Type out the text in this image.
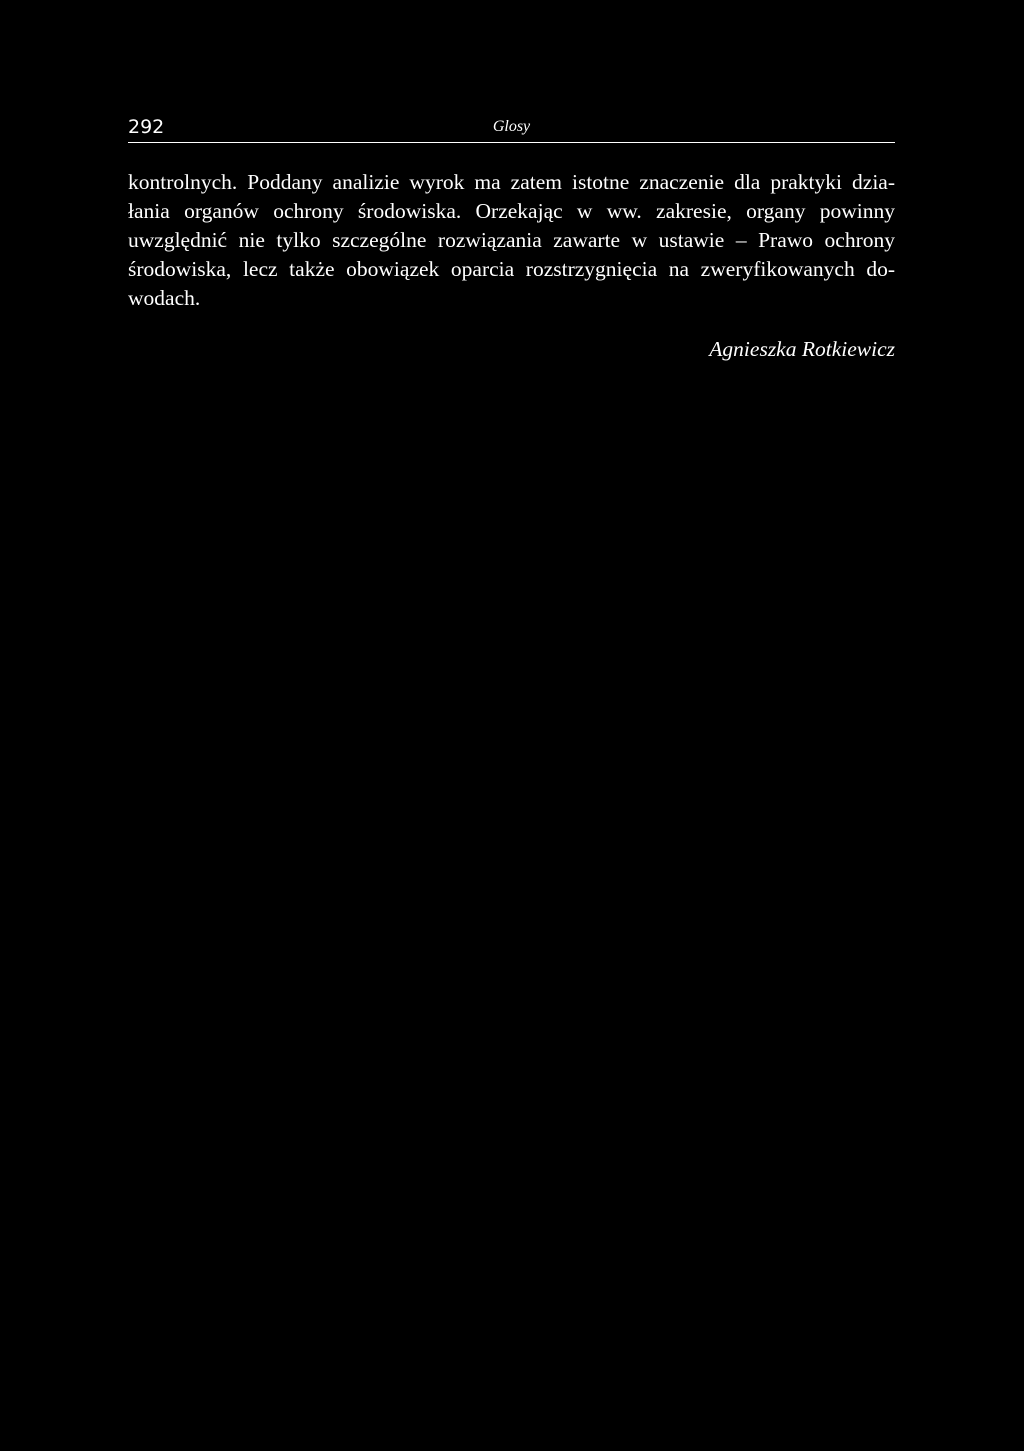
292	Glosy

kontrolnych. Poddany analizie wyrok ma zatem istotne znaczenie dla praktyki dzia-
łania organów ochrony środowiska. Orzekając w ww. zakresie, organy powinny
uwzględnić nie tylko szczególne rozwiązania zawarte w ustawie – Prawo ochrony
środowiska, lecz także obowiązek oparcia rozstrzygnięcia na zweryfikowanych do-
wodach.

Agnieszka Rotkiewicz
